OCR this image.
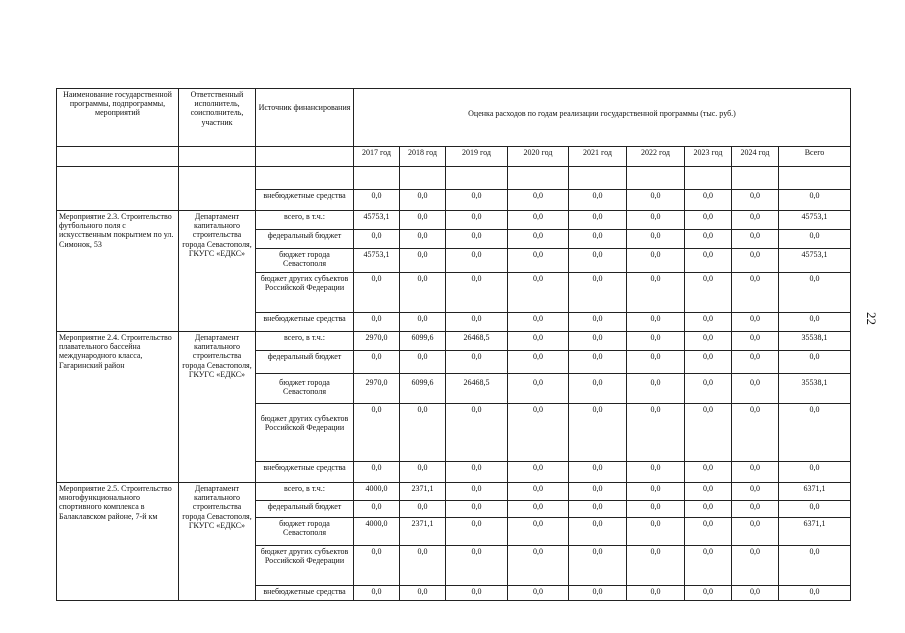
22
Наименование государственной программы, подпрограммы, мероприятий	Ответственный исполнитель, соисполнитель, участник	Источник финансирования	Оценка расходов по годам реализации государственной программы (тыс. руб.)								
			2017 год	2018 год	2019 год	2020 год	2021 год	2022 год	2023 год	2024 год	Всего

		внебюджетные средства	0,0	0,0	0,0	0,0	0,0	0,0	0,0	0,0	0,0
Мероприятие 2.3. Строительство футбольного поля с искусственным покрытием по ул. Симонок, 53	Департамент капитального строительства города Севастополя, ГКУГС «ЕДКС»	всего, в т.ч.:	45753,1	0,0	0,0	0,0	0,0	0,0	0,0	0,0	45753,1
		федеральный бюджет	0,0	0,0	0,0	0,0	0,0	0,0	0,0	0,0	0,0
		бюджет города Севастополя	45753,1	0,0	0,0	0,0	0,0	0,0	0,0	0,0	45753,1
		бюджет других субъектов Российской Федерации	0,0	0,0	0,0	0,0	0,0	0,0	0,0	0,0	0,0
		внебюджетные средства	0,0	0,0	0,0	0,0	0,0	0,0	0,0	0,0	0,0
Мероприятие 2.4. Строительство плавательного бассейна международного класса, Гагаринский район	Департамент капитального строительства города Севастополя, ГКУГС «ЕДКС»	всего, в т.ч.:	2970,0	6099,6	26468,5	0,0	0,0	0,0	0,0	0,0	35538,1
		федеральный бюджет	0,0	0,0	0,0	0,0	0,0	0,0	0,0	0,0	0,0
		бюджет города Севастополя	2970,0	6099,6	26468,5	0,0	0,0	0,0	0,0	0,0	35538,1
		бюджет других субъектов Российской Федерации	0,0	0,0	0,0	0,0	0,0	0,0	0,0	0,0	0,0
		внебюджетные средства	0,0	0,0	0,0	0,0	0,0	0,0	0,0	0,0	0,0
Мероприятие 2.5. Строительство многофункционального спортивного комплекса в Балаклавском районе, 7-й км	Департамент капитального строительства города Севастополя, ГКУГС «ЕДКС»	всего, в т.ч.:	4000,0	2371,1	0,0	0,0	0,0	0,0	0,0	0,0	6371,1
		федеральный бюджет	0,0	0,0	0,0	0,0	0,0	0,0	0,0	0,0	0,0
		бюджет города Севастополя	4000,0	2371,1	0,0	0,0	0,0	0,0	0,0	0,0	6371,1
		бюджет других субъектов Российской Федерации	0,0	0,0	0,0	0,0	0,0	0,0	0,0	0,0	0,0
		внебюджетные средства	0,0	0,0	0,0	0,0	0,0	0,0	0,0	0,0	0,0
